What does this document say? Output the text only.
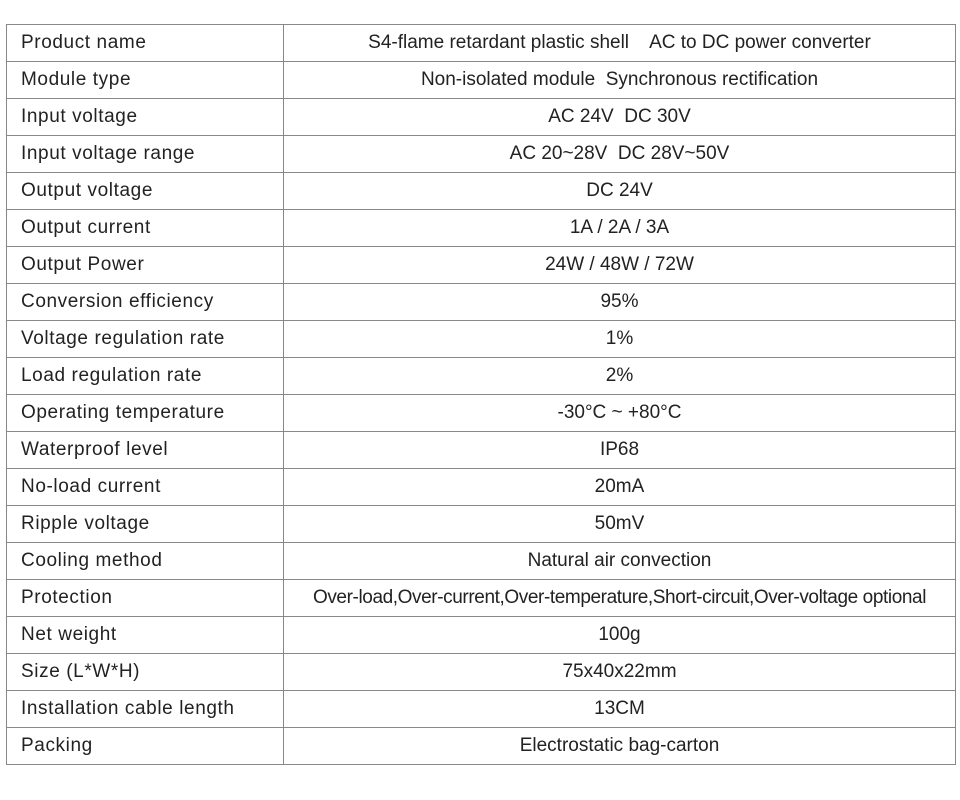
Product name	S4-flame retardant plastic shell    AC to DC power converter
Module type	Non-isolated module  Synchronous rectification
Input voltage	AC 24V  DC 30V
Input voltage range	AC 20~28V  DC 28V~50V
Output voltage	DC 24V
Output current	1A / 2A / 3A
Output Power	24W / 48W / 72W
Conversion efficiency	95%
Voltage regulation rate	1%
Load regulation rate	2%
Operating temperature	-30°C ~ +80°C
Waterproof level	IP68
No-load current	20mA
Ripple voltage	50mV
Cooling method	Natural air convection
Protection	Over-load,Over-current,Over-temperature,Short-circuit,Over-voltage optional
Net weight	100g
Size (L*W*H)	75x40x22mm
Installation cable length	13CM
Packing	Electrostatic bag-carton
